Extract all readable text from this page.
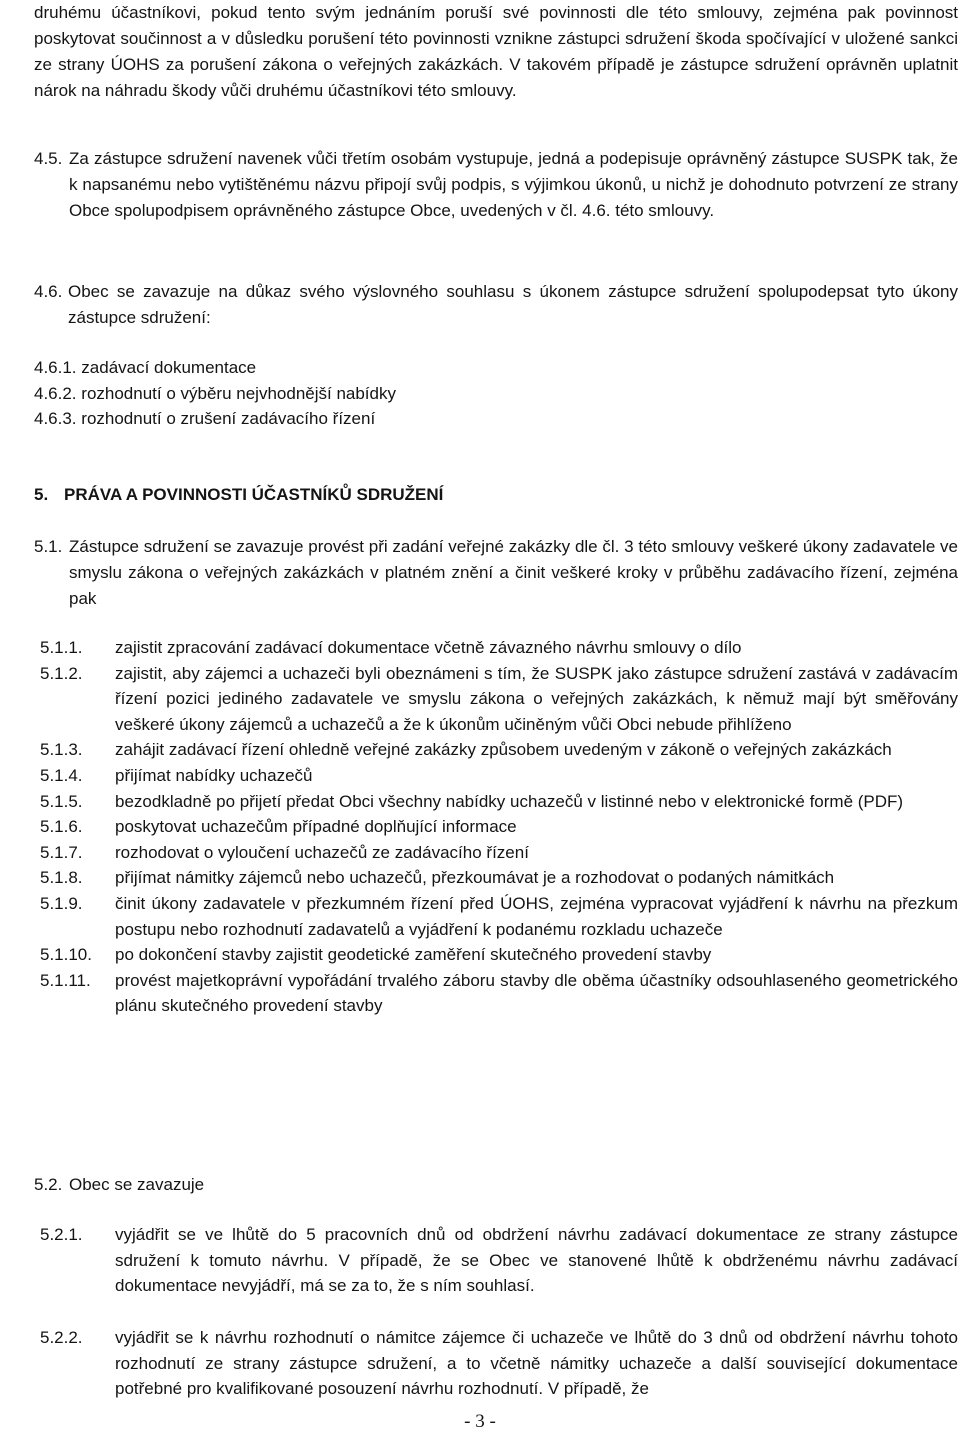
druhému účastníkovi, pokud tento svým jednáním poruší své povinnosti dle této smlouvy, zejména pak povinnost poskytovat součinnost a v důsledku porušení této povinnosti vznikne zástupci sdružení škoda spočívající v uložené sankci ze strany ÚOHS za porušení zákona o veřejných zakázkách. V takovém případě je zástupce sdružení oprávněn uplatnit nárok na náhradu škody vůči druhému účastníkovi této smlouvy.

4.5. Za zástupce sdružení navenek vůči třetím osobám vystupuje, jedná a podepisuje oprávněný zástupce SUSPK tak, že k napsanému nebo vytištěnému názvu připojí svůj podpis, s výjimkou úkonů, u nichž je dohodnuto potvrzení ze strany Obce spolupodpisem oprávněného zástupce Obce, uvedených v čl. 4.6. této smlouvy.
4.6. Obec se zavazuje na důkaz svého výslovného souhlasu s úkonem zástupce sdružení spolupodepsat tyto úkony zástupce sdružení:
4.6.1. zadávací dokumentace
4.6.2. rozhodnutí o výběru nejvhodnější nabídky
4.6.3. rozhodnutí o zrušení zadávacího řízení
5. PRÁVA A POVINNOSTI ÚČASTNÍKŮ SDRUŽENÍ
5.1. Zástupce sdružení se zavazuje provést při zadání veřejné zakázky dle čl. 3 této smlouvy veškeré úkony zadavatele ve smyslu zákona o veřejných zakázkách v platném znění a činit veškeré kroky v průběhu zadávacího řízení, zejména pak
5.1.1.	zajistit zpracování zadávací dokumentace včetně závazného návrhu smlouvy o dílo
5.1.2.	zajistit, aby zájemci a uchazeči byli obeznámeni s tím, že SUSPK jako zástupce sdružení zastává v zadávacím řízení pozici jediného zadavatele ve smyslu zákona o veřejných zakázkách, k němuž mají být směřovány veškeré úkony zájemců a uchazečů a že k úkonům učiněným vůči Obci nebude přihlíženo
5.1.3.	zahájit zadávací řízení ohledně veřejné zakázky způsobem uvedeným v zákoně o veřejných zakázkách
5.1.4.	přijímat nabídky uchazečů
5.1.5.	bezodkladně po přijetí předat Obci všechny nabídky uchazečů v listinné nebo v elektronické formě (PDF)
5.1.6.	poskytovat uchazečům případné doplňující informace
5.1.7.	rozhodovat o vyloučení uchazečů ze zadávacího řízení
5.1.8.	přijímat námitky zájemců nebo uchazečů, přezkoumávat je a rozhodovat o podaných námitkách
5.1.9.	činit úkony zadavatele v přezkumném řízení před ÚOHS, zejména vypracovat vyjádření k návrhu na přezkum postupu nebo rozhodnutí zadavatelů a vyjádření k podanému rozkladu uchazeče
5.1.10.	po dokončení stavby zajistit geodetické zaměření skutečného provedení stavby
5.1.11.	provést majetkoprávní vypořádání trvalého záboru stavby dle oběma účastníky odsouhlaseného geometrického plánu skutečného provedení stavby
5.2. Obec se zavazuje
5.2.1.	vyjádřit se ve lhůtě do 5 pracovních dnů od obdržení návrhu zadávací dokumentace ze strany zástupce sdružení k tomuto návrhu. V případě, že se Obec ve stanovené lhůtě k obdrženému návrhu zadávací dokumentace nevyjádří, má se za to, že s ním souhlasí.
5.2.2.	vyjádřit se k návrhu rozhodnutí o námitce zájemce či uchazeče ve lhůtě do 3 dnů od obdržení návrhu tohoto rozhodnutí ze strany zástupce sdružení, a to včetně námitky uchazeče a další související dokumentace potřebné pro kvalifikované posouzení návrhu rozhodnutí. V případě, že
- 3 -
